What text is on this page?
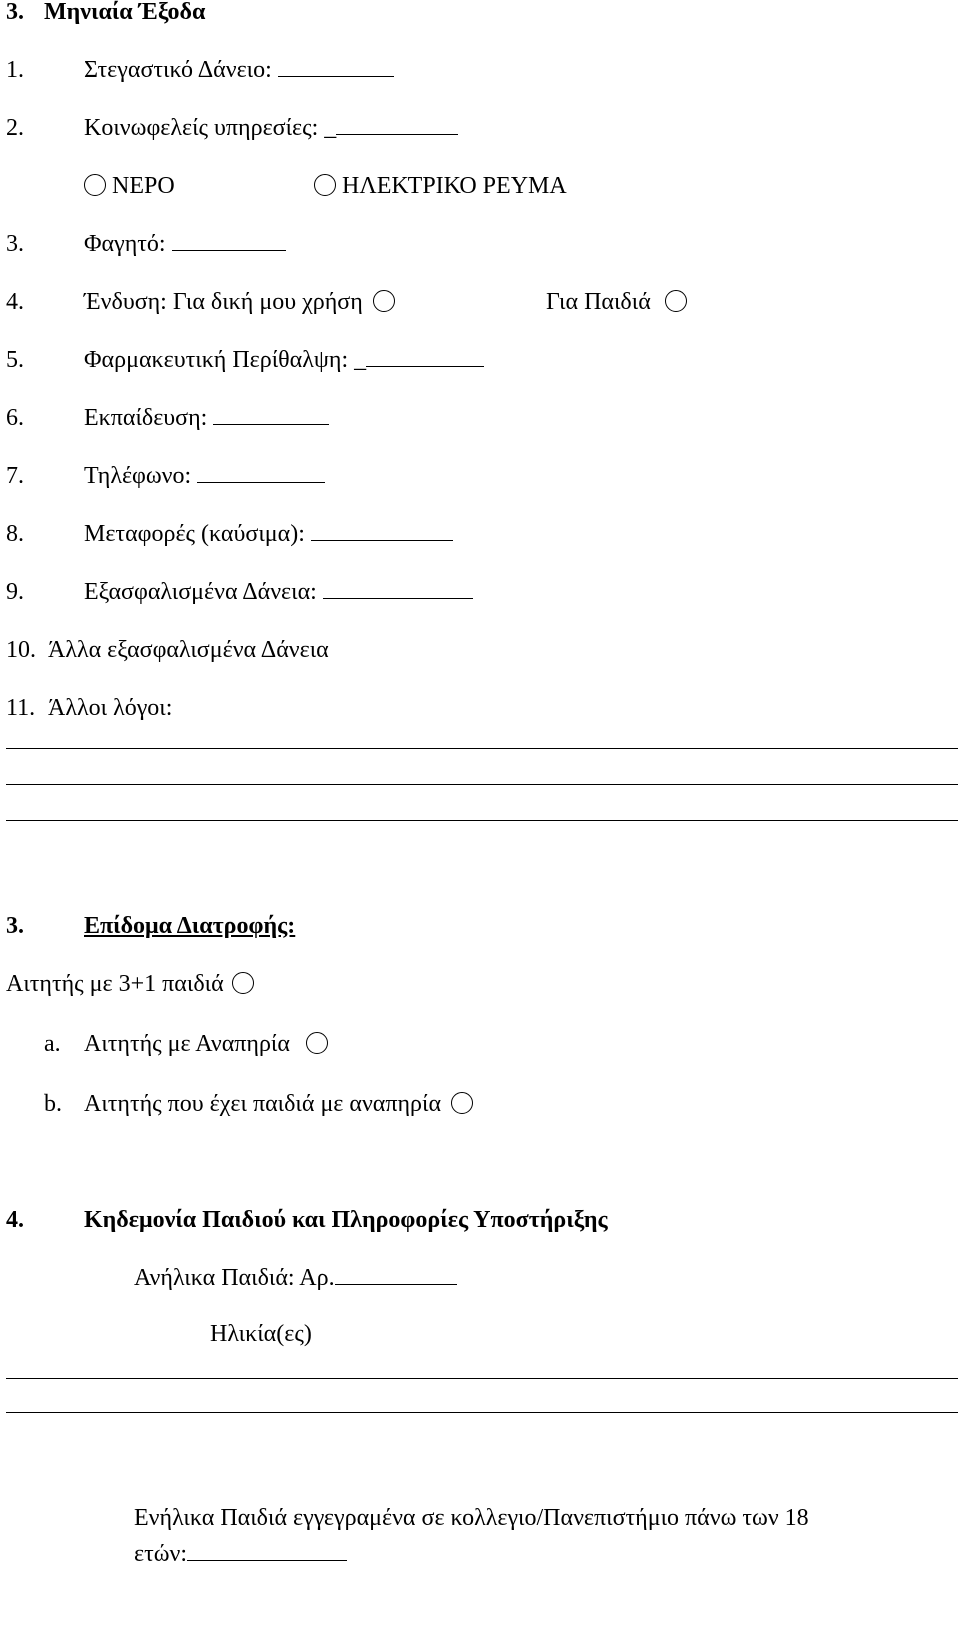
3. Μηνιαία Έξοδα
1.	Στεγαστικό Δάνειο:
2.	Κοινωφελείς υπηρεσίες: _
ΝΕΡΟ	ΗΛΕΚΤΡΙΚΟ ΡΕΥΜΑ
3.	Φαγητό:
4.	Ένδυση: Για δική μου χρήση	Για Παιδιά
5.	Φαρμακευτική Περίθαλψη: _
6.	Εκπαίδευση:
7.	Τηλέφωνο:
8.	Μεταφορές (καύσιμα):
9.	Εξασφαλισμένα Δάνεια:
10. Άλλα εξασφαλισμένα Δάνεια
11. Άλλοι λόγοι:
3.	Επίδομα Διατροφής:
Αιτητής με 3+1 παιδιά
a. Αιτητής με Αναπηρία
b. Αιτητής που έχει παιδιά με αναπηρία
4.	Κηδεμονία Παιδιού και Πληροφορίες Υποστήριξης
Ανήλικα Παιδιά: Αρ.
Ηλικία(ες)
Ενήλικα Παιδιά εγγεγραμένα σε κολλεγιο/Πανεπιστήμιο πάνω των 18
ετών:
